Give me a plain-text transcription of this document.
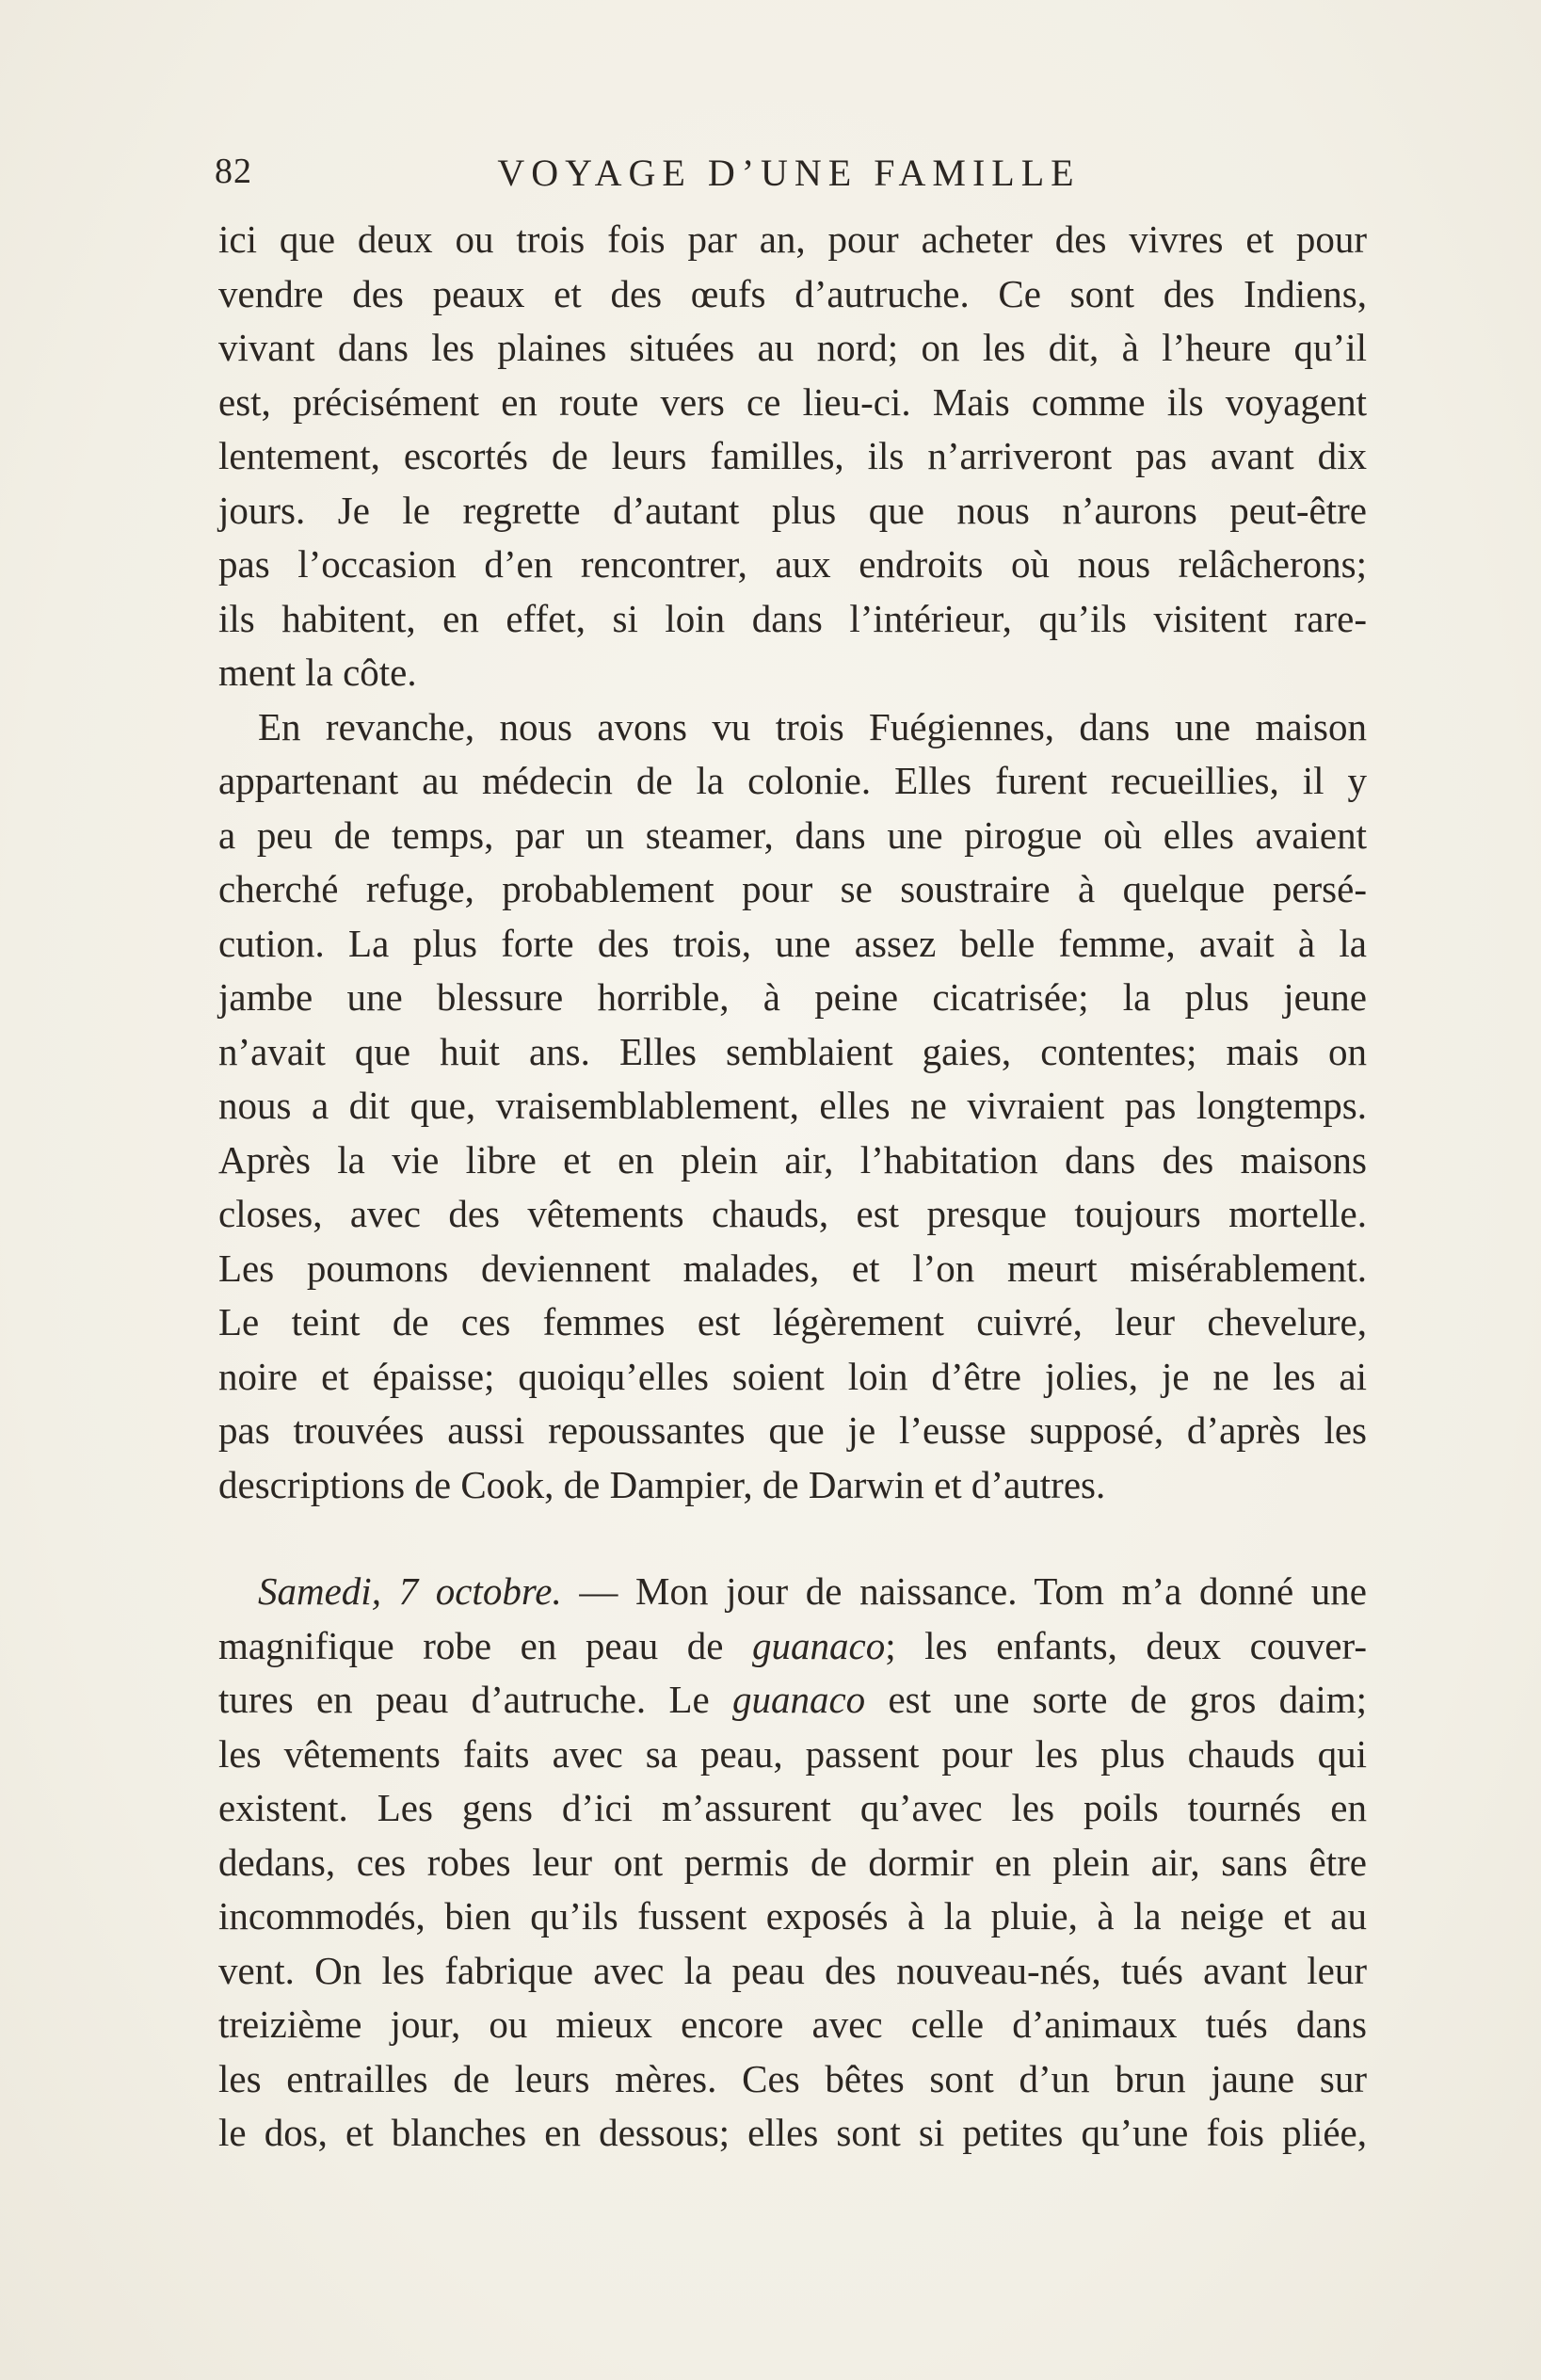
82	VOYAGE D’UNE FAMILLE
ici que deux ou trois fois par an, pour acheter des vivres et pour
vendre des peaux et des œufs d’autruche. Ce sont des Indiens,
vivant dans les plaines situées au nord; on les dit, à l’heure qu’il
est, précisément en route vers ce lieu-ci. Mais comme ils voyagent
lentement, escortés de leurs familles, ils n’arriveront pas avant dix
jours. Je le regrette d’autant plus que nous n’aurons peut-être
pas l’occasion d’en rencontrer, aux endroits où nous relâcherons;
ils habitent, en effet, si loin dans l’intérieur, qu’ils visitent rare-
ment la côte.
En revanche, nous avons vu trois Fuégiennes, dans une maison
appartenant au médecin de la colonie. Elles furent recueillies, il y
a peu de temps, par un steamer, dans une pirogue où elles avaient
cherché refuge, probablement pour se soustraire à quelque persé-
cution. La plus forte des trois, une assez belle femme, avait à la
jambe une blessure horrible, à peine cicatrisée; la plus jeune
n’avait que huit ans. Elles semblaient gaies, contentes; mais on
nous a dit que, vraisemblablement, elles ne vivraient pas longtemps.
Après la vie libre et en plein air, l’habitation dans des maisons
closes, avec des vêtements chauds, est presque toujours mortelle.
Les poumons deviennent malades, et l’on meurt misérablement.
Le teint de ces femmes est légèrement cuivré, leur chevelure,
noire et épaisse; quoiqu’elles soient loin d’être jolies, je ne les ai
pas trouvées aussi repoussantes que je l’eusse supposé, d’après les
descriptions de Cook, de Dampier, de Darwin et d’autres.
Samedi, 7 octobre. — Mon jour de naissance. Tom m’a donné une
magnifique robe en peau de guanaco; les enfants, deux couver-
tures en peau d’autruche. Le guanaco est une sorte de gros daim;
les vêtements faits avec sa peau, passent pour les plus chauds qui
existent. Les gens d’ici m’assurent qu’avec les poils tournés en
dedans, ces robes leur ont permis de dormir en plein air, sans être
incommodés, bien qu’ils fussent exposés à la pluie, à la neige et au
vent. On les fabrique avec la peau des nouveau-nés, tués avant leur
treizième jour, ou mieux encore avec celle d’animaux tués dans
les entrailles de leurs mères. Ces bêtes sont d’un brun jaune sur
le dos, et blanches en dessous; elles sont si petites qu’une fois pliée,
